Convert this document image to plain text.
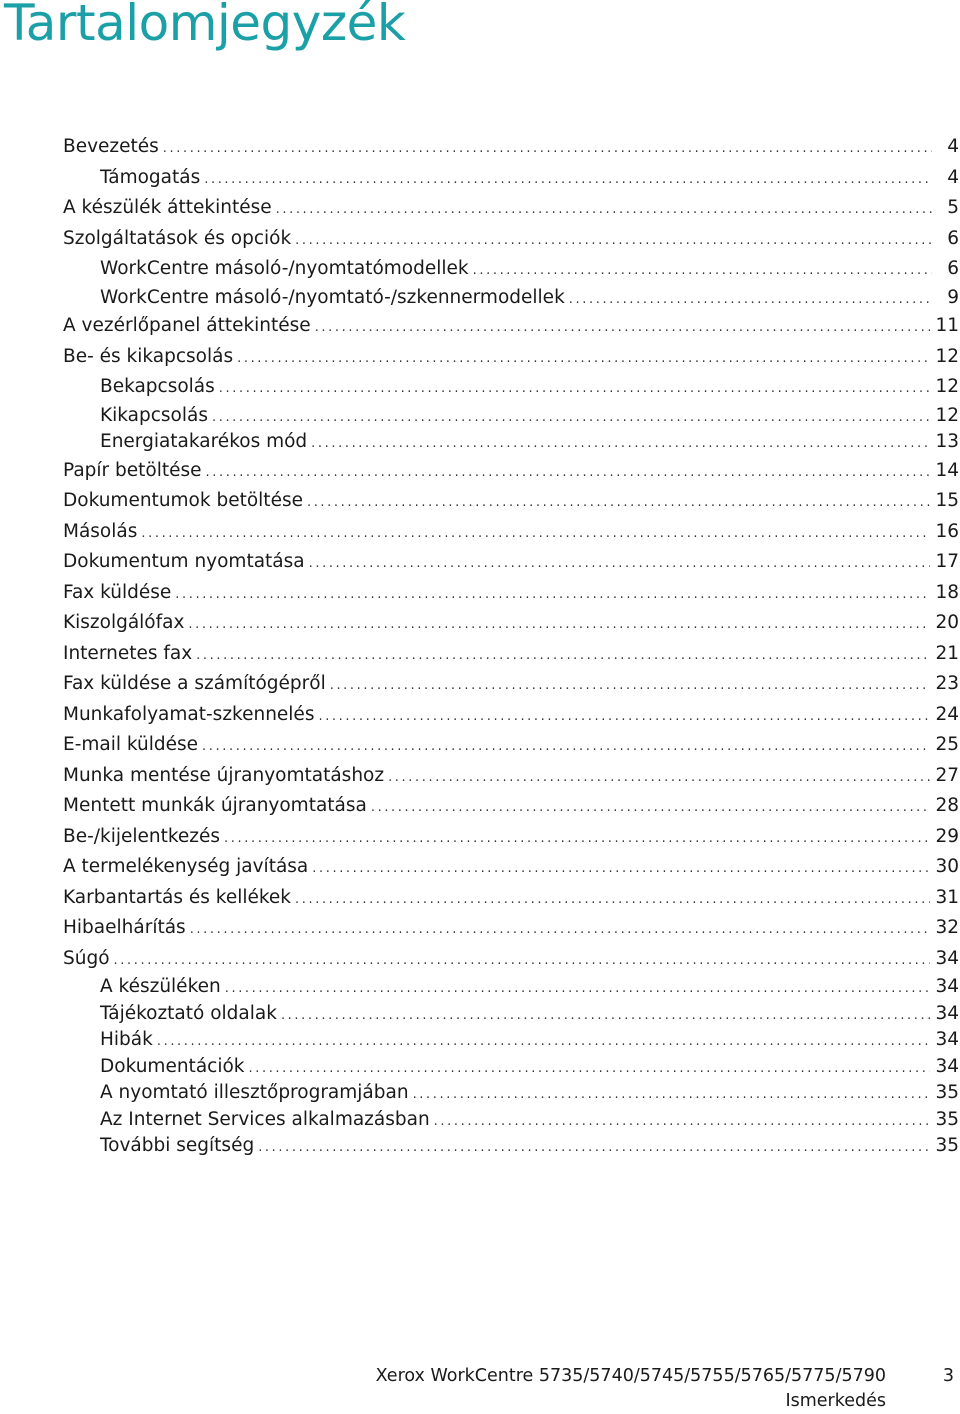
Tartalomjegyzék
Bevezetés .....	4
Támogatás .....	4
A készülék áttekintése .....	5
Szolgáltatások és opciók .....	6
WorkCentre másoló-/nyomtatómodellek .....	6
WorkCentre másoló-/nyomtató-/szkennermodellek .....	9
A vezérlőpanel áttekintése .....	11
Be- és kikapcsolás .....	12
Bekapcsolás .....	12
Kikapcsolás .....	12
Energiatakarékos mód .....	13
Papír betöltése .....	14
Dokumentumok betöltése .....	15
Másolás .....	16
Dokumentum nyomtatása .....	17
Fax küldése .....	18
Kiszolgálófax .....	20
Internetes fax .....	21
Fax küldése a számítógépről .....	23
Munkafolyamat-szkennelés .....	24
E-mail küldése .....	25
Munka mentése újranyomtatáshoz .....	27
Mentett munkák újranyomtatása .....	28
Be-/kijelentkezés .....	29
A termelékenység javítása .....	30
Karbantartás és kellékek .....	31
Hibaelhárítás .....	32
Súgó .....	34
A készüléken .....	34
Tájékoztató oldalak .....	34
Hibák .....	34
Dokumentációk .....	34
A nyomtató illesztőprogramjában .....	35
Az Internet Services alkalmazásban .....	35
További segítség .....	35
Xerox WorkCentre 5735/5740/5745/5755/5765/5775/5790
Ismerkedés
3
